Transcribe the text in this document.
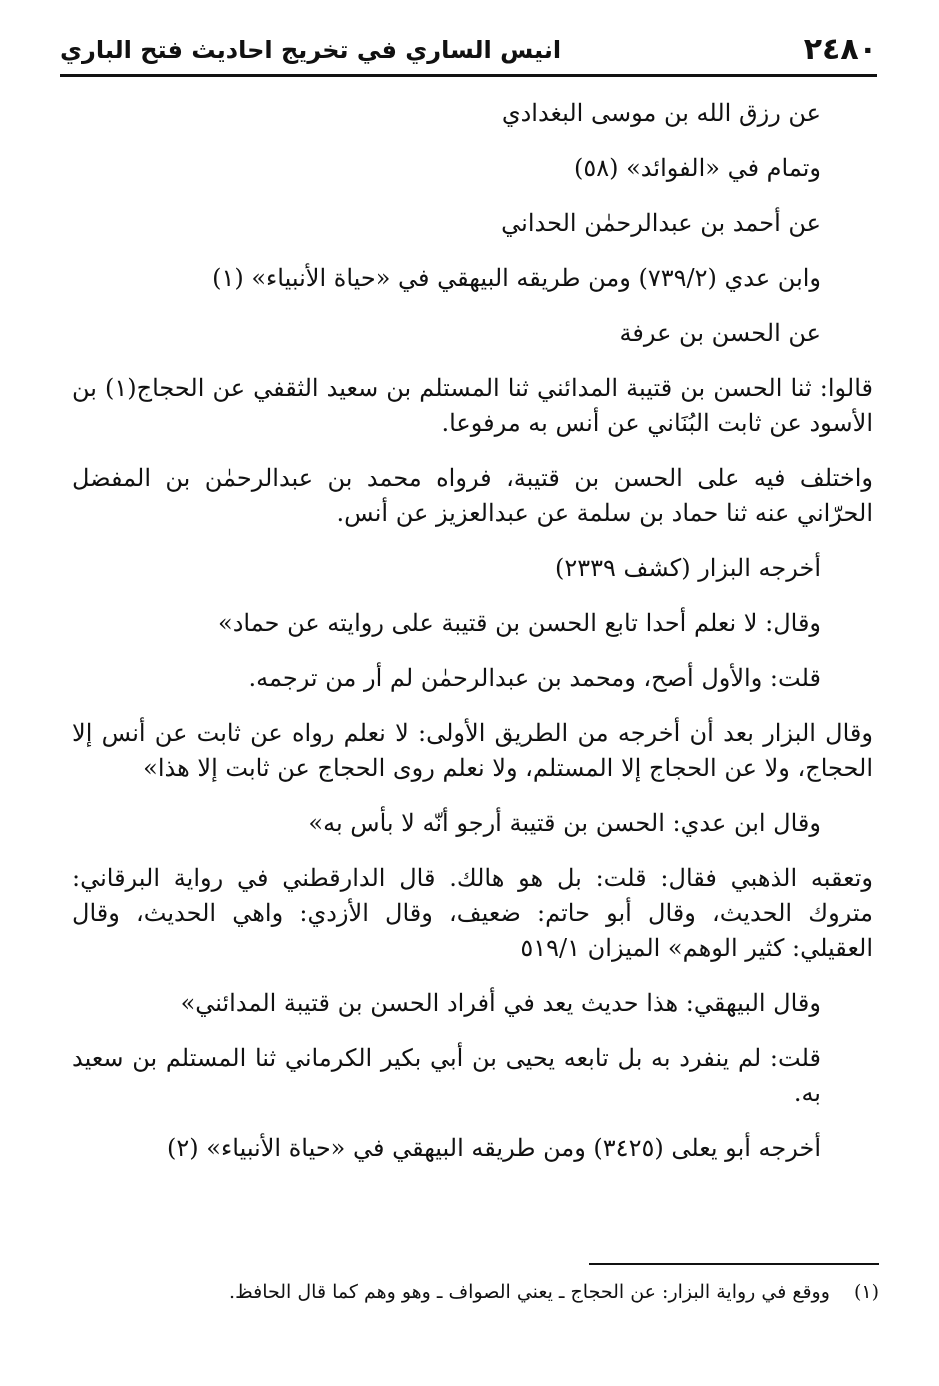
٢٤٨٠
انيس الساري في تخريج احاديث فتح الباري

عن رزق الله بن موسى البغدادي

وتمام في «الفوائد» (٥٨)

عن أحمد بن عبدالرحمٰن الحداني

وابن عدي (٧٣٩/٢) ومن طريقه البيهقي في «حياة الأنبياء» (١)

عن الحسن بن عرفة

قالوا: ثنا الحسن بن قتيبة المدائني ثنا المستلم بن سعيد الثقفي عن الحجاج(١) بن الأسود عن ثابت البُنَاني عن أنس به مرفوعا.

واختلف فيه على الحسن بن قتيبة، فرواه محمد بن عبدالرحمٰن بن المفضل الحرّاني عنه ثنا حماد بن سلمة عن عبدالعزيز عن أنس.

أخرجه البزار (كشف ٢٣٣٩)

وقال: لا نعلم أحدا تابع الحسن بن قتيبة على روايته عن حماد»

قلت: والأول أصح، ومحمد بن عبدالرحمٰن لم أر من ترجمه.

وقال البزار بعد أن أخرجه من الطريق الأولى: لا نعلم رواه عن ثابت عن أنس إلا الحجاج، ولا عن الحجاج إلا المستلم، ولا نعلم روى الحجاج عن ثابت إلا هذا»

وقال ابن عدي: الحسن بن قتيبة أرجو أنّه لا بأس به»

وتعقبه الذهبي فقال: قلت: بل هو هالك. قال الدارقطني في رواية البرقاني: متروك الحديث، وقال أبو حاتم: ضعيف، وقال الأزدي: واهي الحديث، وقال العقيلي: كثير الوهم» الميزان ٥١٩/١

وقال البيهقي: هذا حديث يعد في أفراد الحسن بن قتيبة المدائني»

قلت: لم ينفرد به بل تابعه يحيى بن أبي بكير الكرماني ثنا المستلم بن سعيد به.

أخرجه أبو يعلى (٣٤٢٥) ومن طريقه البيهقي في «حياة الأنبياء» (٢)

(١) ووقع في رواية البزار: عن الحجاج ـ يعني الصواف ـ وهو وهم كما قال الحافظ.
